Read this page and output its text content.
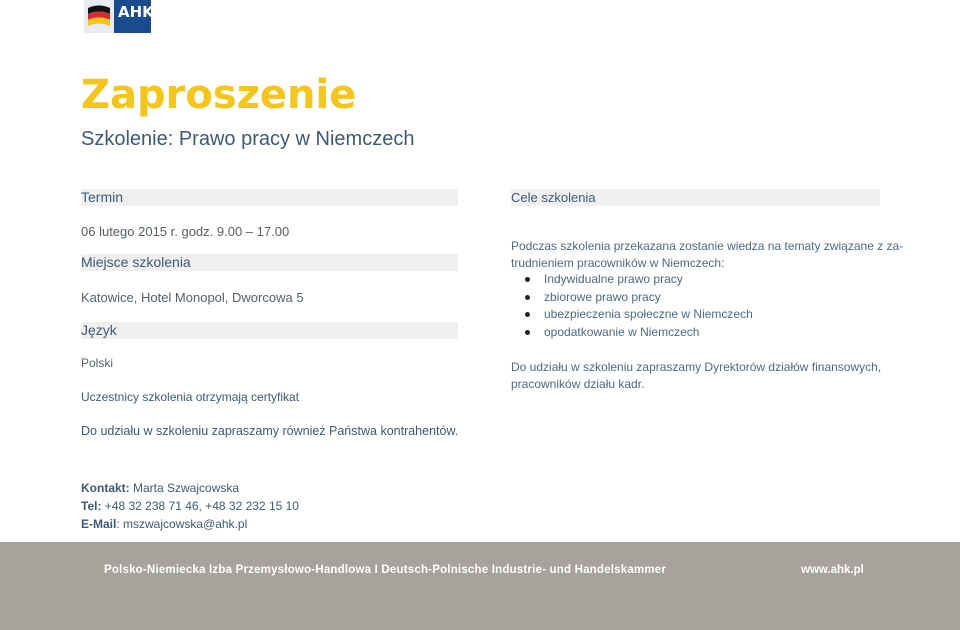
AHK
Zaproszenie
Szkolenie: Prawo pracy w Niemczech
Termin
06 lutego 2015 r. godz. 9.00 – 17.00
Miejsce szkolenia
Katowice, Hotel Monopol, Dworcowa 5
Język
Polski
Uczestnicy szkolenia otrzymają certyfikat
Cele szkolenia
Podczas szkolenia przekazana zostanie wiedza na tematy związane z za-
trudnieniem pracowników w Niemczech:
Indywidualne prawo pracy
zbiorowe prawo pracy
ubezpieczenia społeczne w Niemczech
opodatkowanie w Niemczech
Do udziału w szkoleniu zapraszamy Dyrektorów działów finansowych,
pracowników działu kadr.
Do udziału w szkoleniu zapraszamy również Państwa kontrahentów.
Kontakt: Marta Szwajcowska
Tel: +48 32 238 71 46, +48 32 232 15 10
E-Mail: mszwajcowska@ahk.pl
Polsko-Niemiecka Izba Przemysłowo-Handlowa I Deutsch-Polnische Industrie- und Handelskammer	www.ahk.pl
